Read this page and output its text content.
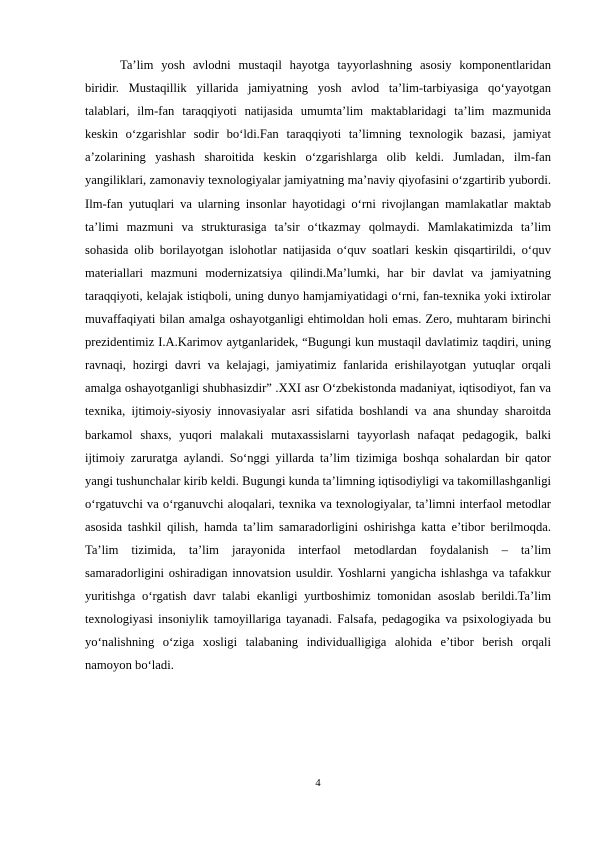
Ta’lim yosh avlodni mustaqil hayotga tayyorlashning asosiy komponentlaridan biridir. Mustaqillik yillarida jamiyatning yosh avlod ta’lim-tarbiyasiga qo‘yayotgan talablari, ilm-fan taraqqiyoti natijasida umumta’lim maktablaridagi ta’lim mazmunida keskin o‘zgarishlar sodir bo‘ldi.Fan taraqqiyoti ta’limning texnologik bazasi, jamiyat a’zolarining yashash sharoitida keskin o‘zgarishlarga olib keldi. Jumladan, ilm-fan yangiliklari, zamonaviy texnologiyalar jamiyatning ma’naviy qiyofasini o‘zgartirib yubordi. Ilm-fan yutuqlari va ularning insonlar hayotidagi o‘rni rivojlangan mamlakatlar maktab ta’limi mazmuni va strukturasiga ta’sir o‘tkazmay qolmaydi. Mamlakatimizda ta’lim sohasida olib borilayotgan islohotlar natijasida o‘quv soatlari keskin qisqartirildi, o‘quv materiallari mazmuni modernizatsiya qilindi.Ma’lumki, har bir davlat va jamiyatning taraqqiyoti, kelajak istiqboli, uning dunyo hamjamiyatidagi o‘rni, fan-texnika yoki ixtirolar muvaffaqiyati bilan amalga oshayotganligi ehtimoldan holi emas. Zero, muhtaram birinchi prezidentimiz I.A.Karimov aytganlaridek, “Bugungi kun mustaqil davlatimiz taqdiri, uning ravnaqi, hozirgi davri va kelajagi, jamiyatimiz fanlarida erishilayotgan yutuqlar orqali amalga oshayotganligi shubhasizdir” .XXI asr O‘zbekistonda madaniyat, iqtisodiyot, fan va texnika, ijtimoiy-siyosiy innovasiyalar asri sifatida boshlandi va ana shunday sharoitda barkamol shaxs, yuqori malakali mutaxassislarni tayyorlash nafaqat pedagogik, balki ijtimoiy zaruratga aylandi. So‘nggi yillarda ta’lim tizimiga boshqa sohalardan bir qator yangi tushunchalar kirib keldi. Bugungi kunda ta’limning iqtisodiyligi va takomillashganligi o‘rgatuvchi va o‘rganuvchi aloqalari, texnika va texnologiyalar, ta’limni interfaol metodlar asosida tashkil qilish, hamda ta’lim samaradorligini oshirishga katta e’tibor berilmoqda. Ta’lim tizimida, ta’lim jarayonida interfaol metodlardan foydalanish – ta’lim samaradorligini oshiradigan innovatsion usuldir. Yoshlarni yangicha ishlashga va tafakkur yuritishga o‘rgatish davr talabi ekanligi yurtboshimiz tomonidan asoslab berildi.Ta’lim texnologiyasi insoniylik tamoyillariga tayanadi. Falsafa, pedagogika va psixologiyada bu yo‘nalishning o‘ziga xosligi talabaning individualligiga alohida e’tibor berish orqali namoyon bo‘ladi.

4
